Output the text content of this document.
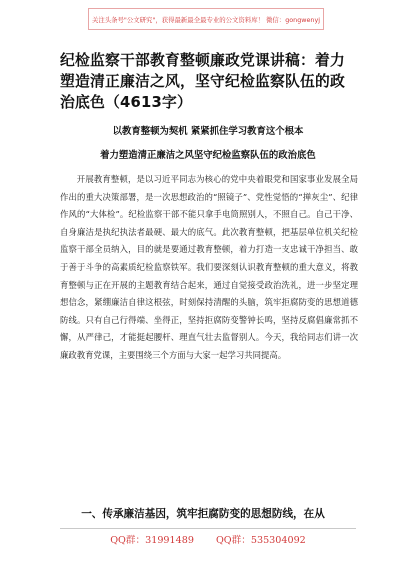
关注头条号"公文研究"，获得最新最全最专业的公文资料库！ 微信：gongwenyj
纪检监察干部教育整顿廉政党课讲稿：着力塑造清正廉洁之风，坚守纪检监察队伍的政治底色（4613字）
以教育整顿为契机 紧紧抓住学习教育这个根本
着力塑造清正廉洁之风坚守纪检监察队伍的政治底色
开展教育整顿，是以习近平同志为核心的党中央着眼党和国家事业发展全局作出的重大决策部署，是一次思想政治的“照镜子”、党性觉悟的“掸灰尘”、纪律作风的“大体检”。纪检监察干部不能只拿手电筒照别人，不照自己。自己干净、自身廉洁是执纪执法者最硬、最大的底气。此次教育整顿，把基层单位机关纪检监察干部全员纳入，目的就是要通过教育整顿，着力打造一支忠诚干净担当、敢于善于斗争的高素质纪检监察铁军。我们要深刻认识教育整顿的重大意义，将教育整顿与正在开展的主题教育结合起来，通过自觉接受政治洗礼，进一步坚定理想信念，紧绷廉洁自律这根弦，时刻保持清醒的头脑，筑牢拒腐防变的思想道德防线。只有自己行得端、坐得正，坚持拒腐防变警钟长鸣，坚持反腐倡廉常抓不懈，从严律己，才能挺起腰杆、理直气壮去监督别人。今天，我给同志们讲一次廉政教育党课，主要围绕三个方面与大家一起学习共同提高。
一、传承廉洁基因，筑牢拒腐防变的思想防线，在从
QQ群：31991489 QQ群：535304092
